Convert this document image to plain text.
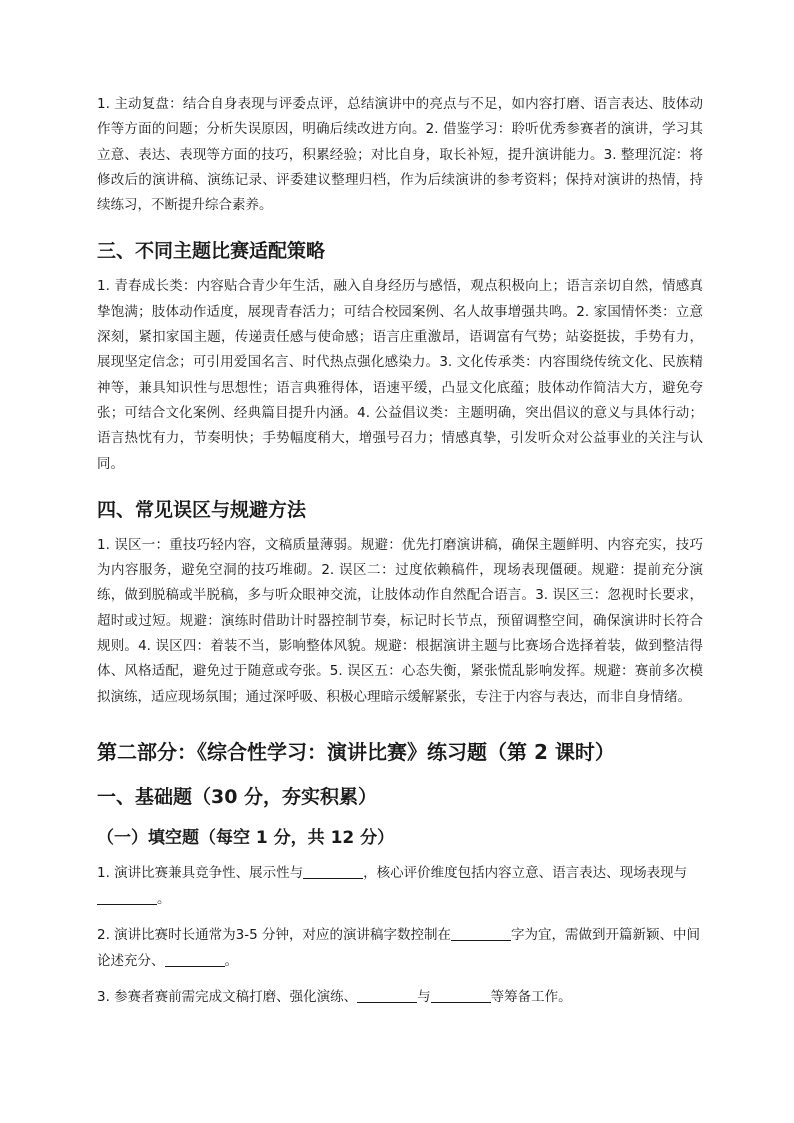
1. 主动复盘：结合自身表现与评委点评，总结演讲中的亮点与不足，如内容打磨、语言表达、肢体动作等方面的问题；分析失误原因，明确后续改进方向。2. 借鉴学习：聆听优秀参赛者的演讲，学习其立意、表达、表现等方面的技巧，积累经验；对比自身，取长补短，提升演讲能力。3. 整理沉淀：将修改后的演讲稿、演练记录、评委建议整理归档，作为后续演讲的参考资料；保持对演讲的热情，持续练习，不断提升综合素养。

三、不同主题比赛适配策略

1. 青春成长类：内容贴合青少年生活，融入自身经历与感悟，观点积极向上；语言亲切自然，情感真挚饱满；肢体动作适度，展现青春活力；可结合校园案例、名人故事增强共鸣。2. 家国情怀类：立意深刻，紧扣家国主题，传递责任感与使命感；语言庄重激昂，语调富有气势；站姿挺拔，手势有力，展现坚定信念；可引用爱国名言、时代热点强化感染力。3. 文化传承类：内容围绕传统文化、民族精神等，兼具知识性与思想性；语言典雅得体，语速平缓，凸显文化底蕴；肢体动作简洁大方，避免夸张；可结合文化案例、经典篇目提升内涵。4. 公益倡议类：主题明确，突出倡议的意义与具体行动；语言热忱有力，节奏明快；手势幅度稍大，增强号召力；情感真挚，引发听众对公益事业的关注与认同。

四、常见误区与规避方法

1. 误区一：重技巧轻内容，文稿质量薄弱。规避：优先打磨演讲稿，确保主题鲜明、内容充实，技巧为内容服务，避免空洞的技巧堆砌。2. 误区二：过度依赖稿件，现场表现僵硬。规避：提前充分演练，做到脱稿或半脱稿，多与听众眼神交流，让肢体动作自然配合语言。3. 误区三：忽视时长要求，超时或过短。规避：演练时借助计时器控制节奏，标记时长节点，预留调整空间，确保演讲时长符合规则。4. 误区四：着装不当，影响整体风貌。规避：根据演讲主题与比赛场合选择着装，做到整洁得体、风格适配，避免过于随意或夸张。5. 误区五：心态失衡，紧张慌乱影响发挥。规避：赛前多次模拟演练，适应现场氛围；通过深呼吸、积极心理暗示缓解紧张，专注于内容与表达，而非自身情绪。

第二部分：《综合性学习：演讲比赛》练习题（第 2 课时）
一、基础题（30 分，夯实积累）
（一）填空题（每空 1 分，共 12 分）

1. 演讲比赛兼具竞争性、展示性与	，核心评价维度包括内容立意、语言表达、现场表现与。

2. 演讲比赛时长通常为3-5 分钟，对应的演讲稿字数控制在	字为宜，需做到开篇新颖、中间论述充分、	。

3. 参赛者赛前需完成文稿打磨、强化演练、	与	等筹备工作。
